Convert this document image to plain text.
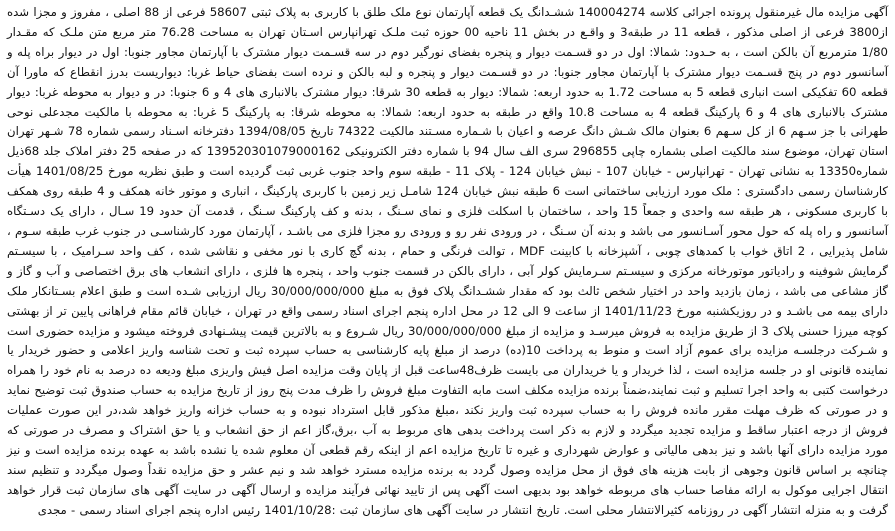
آگهی مزایده مال غیرمنقول پرونده اجرائی کلاسه 140004274 ششـدانگ یک قطعه آپارتمان نوع ملک طلق با کاربری به پلاک ثبتی 58607 فرعی از 88 اصلی ، مفروز و مجزا شده از3800 فرعی از اصلی مذکور ، قطعه 11 در طبقه3 و واقـع در بخش 11 ناحیه 00 حوزه ثبت ملـک تهرانپارس اسـتان تهران به مساحت 76.28 متر مربع متن ملـک که مقـدار 1/80 مترمربع آن بالکن است ، به حـدود: شمالا: اول در دو قسـمت دیوار و پنجره بفضای نورگیر دوم در سه قسـمت دیوار مشترک با آپارتمان مجاور جنوبا: اول در دیوار براه پله و آسانسور دوم در پنج قسـمت دیوار مشترک با آپارتمان مجاور جنوبا: در دو قسـمت دیوار و پنجره و لبه بالکن و نرده است بفضای حیاط غربا: دیواریست بدرز انقطاع که ماورا آن قطعه 60 تفکیکی است انباری قطعه 5 به مساحت 1.72 به حدود اربعه: شمالا: دیوار به قطعه 30 شرقا: دیوار مشترک بالانباری های 4 و 6 جنوبا: در و دیوار به محوطه غربا: دیوار مشترک بالانباری های 4 و 6 پارکینگ قطعه 4 به مساحت 10.8 واقع در طبقه به حدود اربعه: شمالا: به محوطه شرقا: به پارکینگ 5 غربا: به محوطه با مالکیت مجدعلی نوحی طهرانی با جز سـهم 6 از کل سـهم 6 بعنوان مالک شـش دانگ عرصه و اعیان با شـماره مسـتند مالکیت 74322 تاریخ 1394/08/05 دفترخانه اسـناد رسمی شماره 78 شـهر تهران استان تهران، موضوع سند مالکیت اصلی بشماره چاپی 296855 سری الف سال 94 با شماره دفتر الکترونیکی 139520301079000162 که در صفحه 25 دفتر املاک جلد 68ذیل شماره13350 به نشانی تهران - تهرانپارس - خیابان 107 - نبش خیابان 124 - پلاک 11 - طبقه سوم واحد جنوب غربی ثبت گردیده است و طبق نظریه مورخ 1401/08/25 هیأت کارشناسان رسمی دادگستری : ملک مورد ارزیابی ساختمانی است 6 طبقه نبش خیابان 124 شامـل زیر زمین با کاربری پارکینگ ، انباری و موتور خانه همکف و 4 طبقه روی همکف با کاربری مسکونی ، هر طبقه سه واحدی و جمعاً 15 واحد ، ساختمان با اسکلت فلزی و نمای سـنگ ، بدنه و کف پارکینگ سـنگ ، قدمت آن حدود 19 سـال ، دارای یک دسـتگاه آسانسور و راه پله که حول محور آسـانسور می باشد و بدنه آن سـنگ ، در ورودی نفر رو و ورودی رو مجزا فلزی می باشـد ، آپارتمان مورد کارشناسـی در جنوب غرب طبقه سـوم ، شامل پذیرایی ، 2 اتاق خواب با کمدهای چوبی ، آشپزخانه با کابینت MDF ، توالت فرنگی و حمام ، بدنه گچ کاری با نور مخفی و نقاشی شده ، کف واحد سـرامیک ، با سیسـتم گرمایش شوفینه و رادیاتور موتورخانه مرکزی و سیسـتم سـرمایش کولر آبی ، دارای بالکن در قسمت جنوب واحد ، پنجره ها فلزی ، دارای انشعاب های برق اختصاصی و آب و گاز و گاز مشاعی می باشد ، زمان بازدید واحد در اختیار شخص ثالث بود که مقدار ششـدانگ پلاک فوق به مبلغ 30/000/000/000 ریال ارزیابی شـده است و طبق اعلام بسـتانکار ملک دارای بیمه می باشـد و در روزیکشنبه مورخ 1401/11/23 از ساعت 9 الی 12 در محل اداره پنجم اجرای اسناد رسمی واقع در تهران ، خیابان قائم مقام فراهانی پایین تر از بهشتی کوچه میرزا حسنی پلاک 3 از طریق مزایده به فروش میرسـد و مزایده از مبلغ 30/000/000/000 ریال شـروع و به بالاترین قیمت پیشـنهادی فروخته میشود و مزایده حضوری است و شـرکت درجلسـه مزایده برای عموم آزاد است و منوط به پرداخت 10(ده) درصد از مبلغ پایه کارشناسی به حساب سپرده ثبت و تحت شناسه واریز اعلامی و حضور خریدار یا نماینده قانونی او در جلسه مزایده است ، لذا خریدار و یا خریداران می بایست ظرف48ساعت قبل از پایان وقت مزایده اصل فیش واریزی مبلغ ودیعه ده درصد به نام خود را همراه درخواست کتبی به واحد اجرا تسلیم و ثبت نمایند،ضمناً برنده مزایده مکلف است مابه التفاوت مبلغ فروش را ظرف مدت پنج روز از تاریخ مزایده به حساب صندوق ثبت توضیح نماید و در صورتی که ظرف مهلت مقرر مانده فروش را به حساب سپرده ثبت واریز نکند ،مبلغ مذکور قابل استرداد نبوده و به حساب خزانه واریز خواهد شد،در این صورت عملیات فروش از درجه اعتبار ساقط و مزایده تجدید میگردد و لازم به ذکر است پرداخت بدهی های مربوط به آب ،برق،گاز اعم از حق انشعاب و یا حق اشتراک و مصرف در صورتی که مورد مزایده دارای آنها باشد و نیز بدهی مالیاتی و عوارض شهرداری و غیره تا تاریخ مزایده اعم از اینکه رقم قطعی آن معلوم شده یا نشده باشد به عهده برنده مزایده است و نیز چنانچه بر اساس قانون وجوهی از بابت هزینه های فوق از محل مزایده وصول گردد به برنده مزایده مسترد خواهد شد و نیم عشر و حق مزایده نقداً وصول میگردد و تنظیم سند انتقال اجرایی موکول به ارائه مفاصا حساب های مربوطه خواهد بود بدیهی است آگهی پس از تایید نهائی فرآیند مزایده و ارسال آگهی در سایت آگهی های سازمان ثبت قرار خواهد گرفت و به منزله انتشار آگهی در روزنامه کثیرالانتشار محلی است. تاریخ انتشار در سایت آگهی های سازمان ثبت :1401/10/28 رئیس اداره پنجم اجرای اسناد رسمی - مجدی
